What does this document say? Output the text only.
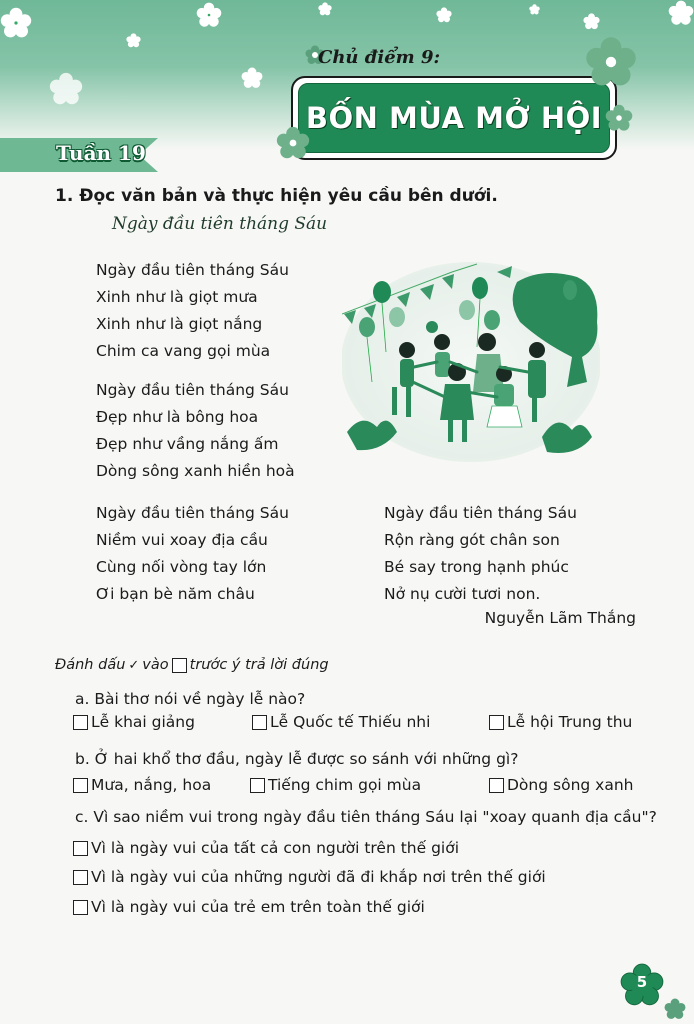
Chủ điểm 9:
BỐN MÙA MỞ HỘI
Tuần 19
1. Đọc văn bản và thực hiện yêu cầu bên dưới.
Ngày đầu tiên tháng Sáu
Ngày đầu tiên tháng Sáu
Xinh như là giọt mưa
Xinh như là giọt nắng
Chim ca vang gọi mùa
Ngày đầu tiên tháng Sáu
Đẹp như là bông hoa
Đẹp như vầng nắng ấm
Dòng sông xanh hiền hoà
Ngày đầu tiên tháng Sáu
Niềm vui xoay địa cầu
Cùng nối vòng tay lớn
Ơi bạn bè năm châu
Ngày đầu tiên tháng Sáu
Rộn ràng gót chân son
Bé say trong hạnh phúc
Nở nụ cười tươi non.
Nguyễn Lãm Thắng
Đánh dấu ✓ vào trước ý trả lời đúng
a. Bài thơ nói về ngày lễ nào?
Lễ khai giảng	Lễ Quốc tế Thiếu nhi	Lễ hội Trung thu
b. Ở hai khổ thơ đầu, ngày lễ được so sánh với những gì?
Mưa, nắng, hoa	Tiếng chim gọi mùa	Dòng sông xanh
c. Vì sao niềm vui trong ngày đầu tiên tháng Sáu lại "xoay quanh địa cầu"?
Vì là ngày vui của tất cả con người trên thế giới
Vì là ngày vui của những người đã đi khắp nơi trên thế giới
Vì là ngày vui của trẻ em trên toàn thế giới
5
